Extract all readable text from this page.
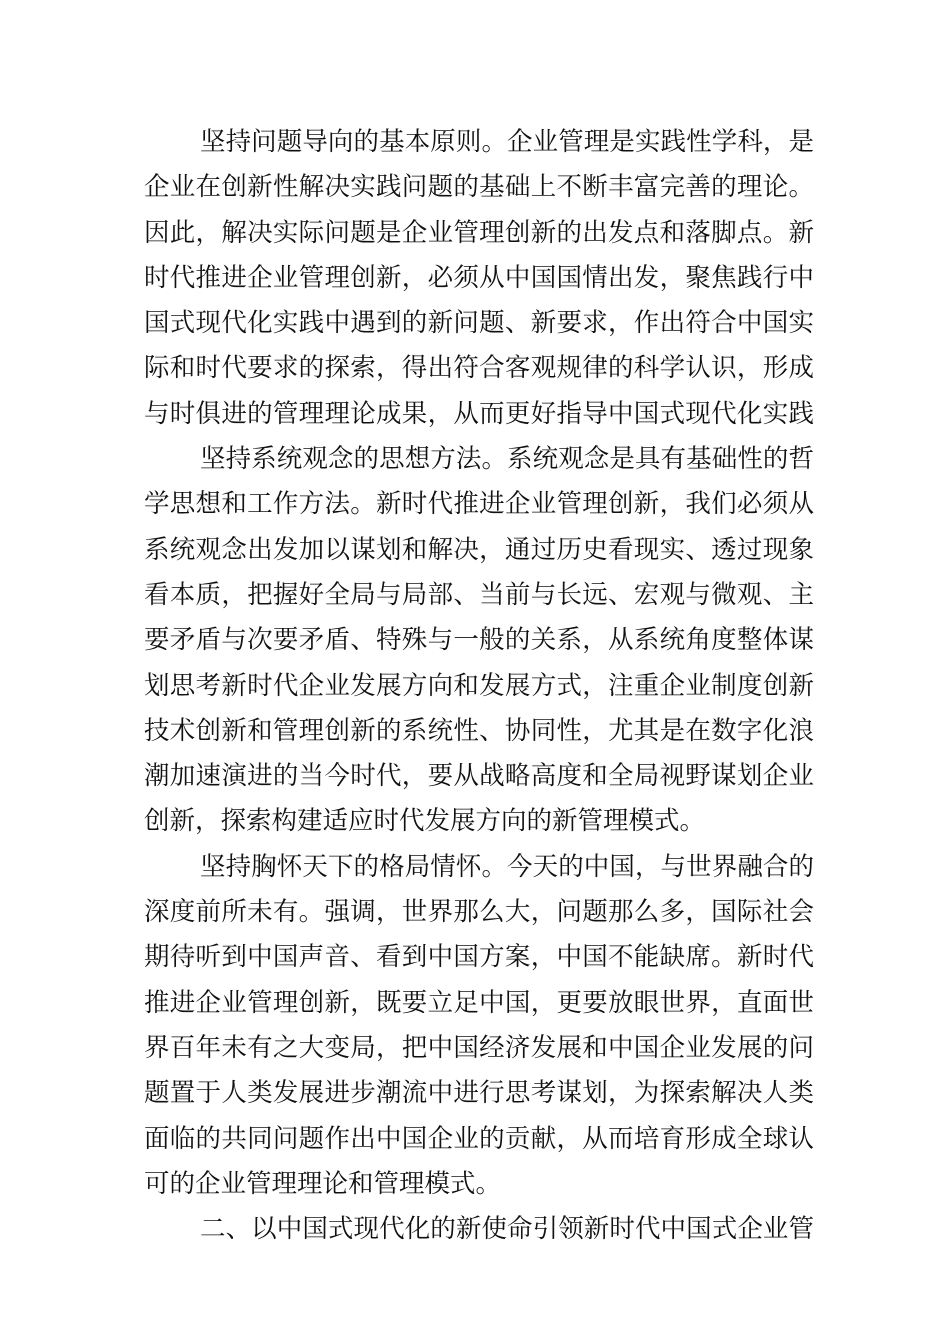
坚持问题导向的基本原则。企业管理是实践性学科，是
企业在创新性解决实践问题的基础上不断丰富完善的理论。
因此，解决实际问题是企业管理创新的出发点和落脚点。新
时代推进企业管理创新，必须从中国国情出发，聚焦践行中
国式现代化实践中遇到的新问题、新要求，作出符合中国实
际和时代要求的探索，得出符合客观规律的科学认识，形成
与时俱进的管理理论成果，从而更好指导中国式现代化实践
坚持系统观念的思想方法。系统观念是具有基础性的哲
学思想和工作方法。新时代推进企业管理创新，我们必须从
系统观念出发加以谋划和解决，通过历史看现实、透过现象
看本质，把握好全局与局部、当前与长远、宏观与微观、主
要矛盾与次要矛盾、特殊与一般的关系，从系统角度整体谋
划思考新时代企业发展方向和发展方式，注重企业制度创新
技术创新和管理创新的系统性、协同性，尤其是在数字化浪
潮加速演进的当今时代，要从战略高度和全局视野谋划企业
创新，探索构建适应时代发展方向的新管理模式。
坚持胸怀天下的格局情怀。今天的中国，与世界融合的
深度前所未有。强调，世界那么大，问题那么多，国际社会
期待听到中国声音、看到中国方案，中国不能缺席。新时代
推进企业管理创新，既要立足中国，更要放眼世界，直面世
界百年未有之大变局，把中国经济发展和中国企业发展的问
题置于人类发展进步潮流中进行思考谋划，为探索解决人类
面临的共同问题作出中国企业的贡献，从而培育形成全球认
可的企业管理理论和管理模式。
二、以中国式现代化的新使命引领新时代中国式企业管
